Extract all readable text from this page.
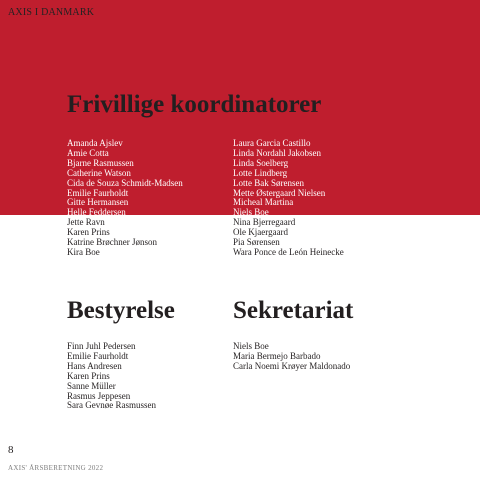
AXIS I DANMARK
Frivillige koordinatorer
Amanda Ajslev
Amie Cotta
Bjarne Rasmussen
Catherine Watson
Cida de Souza Schmidt-Madsen
Emilie Faurholdt
Gitte Hermansen
Helle Feddersen
Jette Ravn
Karen Prins
Katrine Brøchner Jønson
Kira Boe
Laura Garcia Castillo
Linda Nordahl Jakobsen
Linda Soelberg
Lotte Lindberg
Lotte Bak Sørensen
Mette Østergaard Nielsen
Micheal Martina
Niels Boe
Nina Bjerregaard
Ole Kjaergaard
Pia Sørensen
Wara Ponce de León Heinecke
Bestyrelse
Finn Juhl Pedersen
Emilie Faurholdt
Hans Andresen
Karen Prins
Sanne Müller
Rasmus Jeppesen
Sara Gevnøe Rasmussen
Sekretariat
Niels Boe
Maria Bermejo Barbado
Carla Noemi Krøyer Maldonado
8
AXIS' ÅRSBERETNING 2022
